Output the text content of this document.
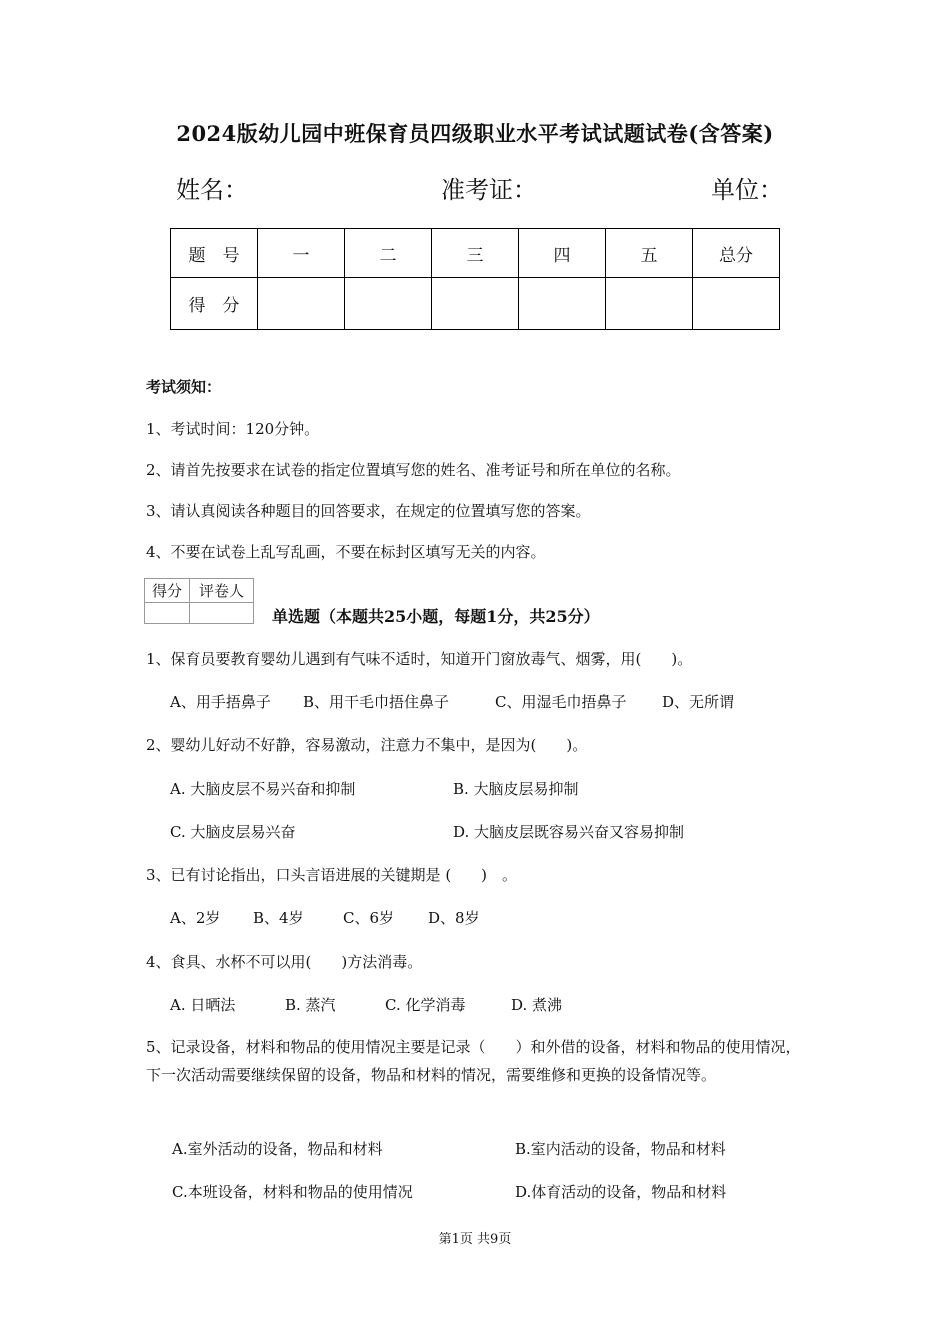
2024版幼儿园中班保育员四级职业水平考试试题试卷(含答案)
姓名：	准考证：	单位：
题　号	一	二	三	四	五	总分
得　分						
考试须知：
1、考试时间：120分钟。
2、请首先按要求在试卷的指定位置填写您的姓名、准考证号和所在单位的名称。
3、请认真阅读各种题目的回答要求，在规定的位置填写您的答案。
4、不要在试卷上乱写乱画，不要在标封区填写无关的内容。
得分	评卷人

单选题（本题共25小题，每题1分，共25分）
1、保育员要教育婴幼儿遇到有气味不适时，知道开门窗放毒气、烟雾，用(　　)。
A、用手捂鼻子 B、用干毛巾捂住鼻子	C、用湿毛巾捂鼻子 D、无所谓
2、婴幼儿好动不好静，容易激动，注意力不集中，是因为(　　)。
A. 大脑皮层不易兴奋和抑制	B. 大脑皮层易抑制
C. 大脑皮层易兴奋	D. 大脑皮层既容易兴奋又容易抑制
3、已有讨论指出，口头言语进展的关键期是 (　　)　。
A、2岁 B、4岁	C、6岁 D、8岁
4、食具、水杯不可以用(　　)方法消毒。
A. 日晒法	B. 蒸汽	C. 化学消毒	D. 煮沸
5、记录设备，材料和物品的使用情况主要是记录（　　）和外借的设备，材料和物品的使用情况，下一次活动需要继续保留的设备，物品和材料的情况，需要维修和更换的设备情况等。
A.室外活动的设备，物品和材料	B.室内活动的设备，物品和材料
C.本班设备，材料和物品的使用情况	D.体育活动的设备，物品和材料
第1页 共9页
